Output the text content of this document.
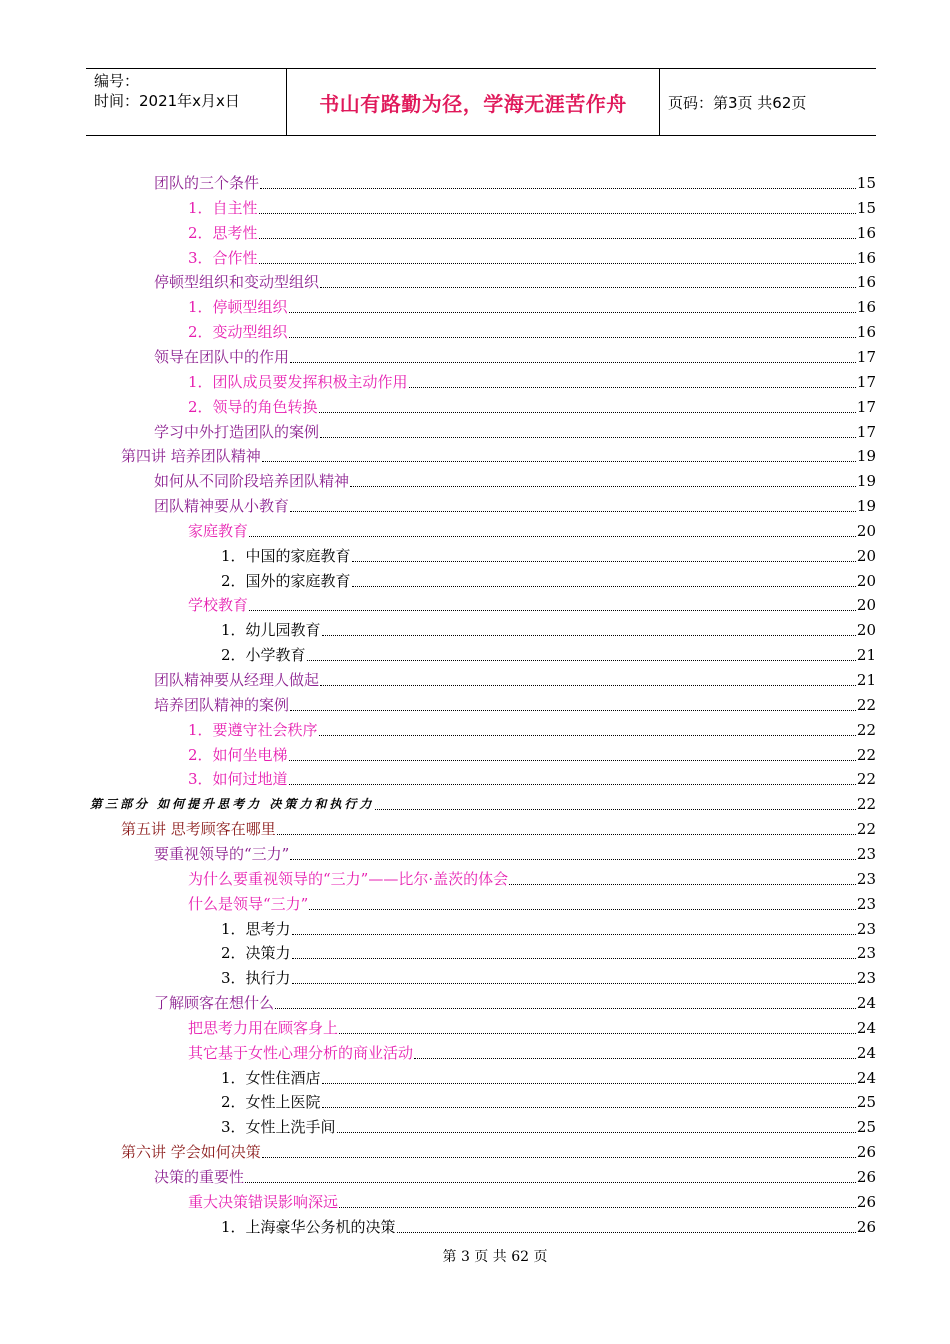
编号：
时间：2021年x月x日	书山有路勤为径，学海无涯苦作舟	页码：第3页 共62页
团队的三个条件	15
1．自主性	15
2．思考性	16
3．合作性	16
停顿型组织和变动型组织	16
1．停顿型组织	16
2．变动型组织	16
领导在团队中的作用	17
1．团队成员要发挥积极主动作用	17
2．领导的角色转换	17
学习中外打造团队的案例	17
第四讲 培养团队精神	19
如何从不同阶段培养团队精神	19
团队精神要从小教育	19
家庭教育	20
1．中国的家庭教育	20
2．国外的家庭教育	20
学校教育	20
1．幼儿园教育	20
2．小学教育	21
团队精神要从经理人做起	21
培养团队精神的案例	22
1．要遵守社会秩序	22
2．如何坐电梯	22
3．如何过地道	22
第三部分 如何提升思考力 决策力和执行力	22
第五讲 思考顾客在哪里	22
要重视领导的“三力”	23
为什么要重视领导的“三力”——比尔·盖茨的体会	23
什么是领导“三力”	23
1．思考力	23
2．决策力	23
3．执行力	23
了解顾客在想什么	24
把思考力用在顾客身上	24
其它基于女性心理分析的商业活动	24
1．女性住酒店	24
2．女性上医院	25
3．女性上洗手间	25
第六讲 学会如何决策	26
决策的重要性	26
重大决策错误影响深远	26
1．上海豪华公务机的决策	26
第 3 页 共 62 页
